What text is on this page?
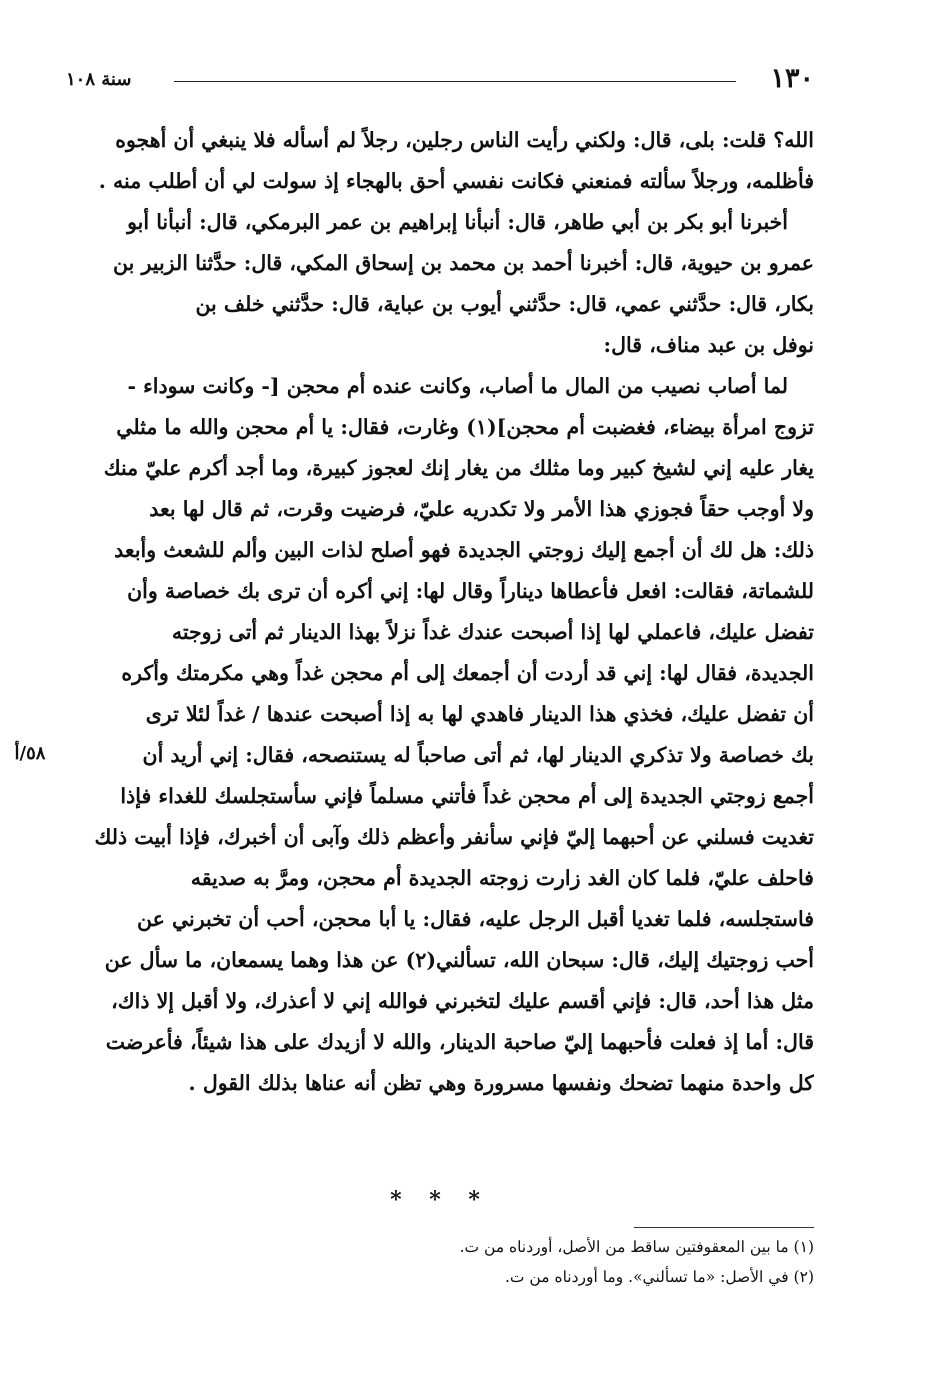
١٣٠
سنة ١٠٨
الله؟ قلت: بلى، قال: ولكني رأيت الناس رجلين، رجلاً لم أسأله فلا ينبغي أن أهجوه
فأظلمه، ورجلاً سألته فمنعني فكانت نفسي أحق بالهجاء إذ سولت لي أن أطلب منه .
أخبرنا أبو بكر بن أبي طاهر، قال: أنبأنا إبراهيم بن عمر البرمكي، قال: أنبأنا أبو
عمرو بن حيوية، قال: أخبرنا أحمد بن محمد بن إسحاق المكي، قال: حدَّثنا الزبير بن
بكار، قال: حدَّثني عمي، قال: حدَّثني أيوب بن عباية، قال: حدَّثني خلف بن
نوفل بن عبد مناف، قال:
لما أصاب نصيب من المال ما أصاب، وكانت عنده أم محجن [- وكانت سوداء -
تزوج امرأة بيضاء، فغضبت أم محجن](١) وغارت، فقال: يا أم محجن والله ما مثلي
يغار عليه إني لشيخ كبير وما مثلك من يغار إنك لعجوز كبيرة، وما أجد أكرم عليّ منك
ولا أوجب حقاً فجوزي هذا الأمر ولا تكدريه عليّ، فرضيت وقرت، ثم قال لها بعد
ذلك: هل لك أن أجمع إليك زوجتي الجديدة فهو أصلح لذات البين وألم للشعث وأبعد
للشماتة، فقالت: افعل فأعطاها ديناراً وقال لها: إني أكره أن ترى بك خصاصة وأن
تفضل عليك، فاعملي لها إذا أصبحت عندك غداً نزلاً بهذا الدينار ثم أتى زوجته
الجديدة، فقال لها: إني قد أردت أن أجمعك إلى أم محجن غداً وهي مكرمتك وأكره
أن تفضل عليك، فخذي هذا الدينار فاهدي لها به إذا أصبحت عندها / غداً لئلا ترى
بك خصاصة ولا تذكري الدينار لها، ثم أتى صاحباً له يستنصحه، فقال: إني أريد أن
أجمع زوجتي الجديدة إلى أم محجن غداً فأتني مسلماً فإني سأستجلسك للغداء فإذا
تغديت فسلني عن أحبهما إليّ فإني سأنفر وأعظم ذلك وآبى أن أخبرك، فإذا أبيت ذلك
فاحلف عليّ، فلما كان الغد زارت زوجته الجديدة أم محجن، ومرَّ به صديقه
فاستجلسه، فلما تغديا أقبل الرجل عليه، فقال: يا أبا محجن، أحب أن تخبرني عن
أحب زوجتيك إليك، قال: سبحان الله، تسألني(٢) عن هذا وهما يسمعان، ما سأل عن
مثل هذا أحد، قال: فإني أقسم عليك لتخبرني فوالله إني لا أعذرك، ولا أقبل إلا ذاك،
قال: أما إذ فعلت فأحبهما إليّ صاحبة الدينار، والله لا أزيدك على هذا شيئاً، فأعرضت
كل واحدة منهما تضحك ونفسها مسرورة وهي تظن أنه عناها بذلك القول .
٥٨/أ
* * *
(١) ما بين المعقوفتين ساقط من الأصل، أوردناه من ت.
(٢) في الأصل: «ما تسألني». وما أوردناه من ت.
